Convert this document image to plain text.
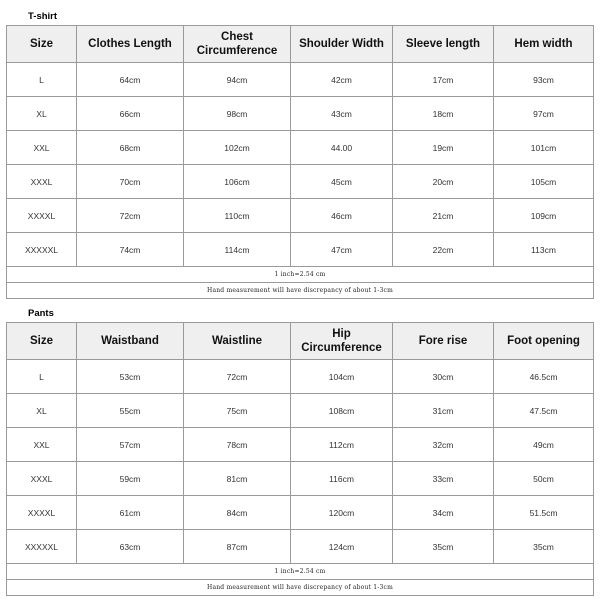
T-shirt
Size	Clothes Length	Chest Circumference	Shoulder Width	Sleeve length	Hem width
L	64cm	94cm	42cm	17cm	93cm
XL	66cm	98cm	43cm	18cm	97cm
XXL	68cm	102cm	44.00	19cm	101cm
XXXL	70cm	106cm	45cm	20cm	105cm
XXXXL	72cm	110cm	46cm	21cm	109cm
XXXXXL	74cm	114cm	47cm	22cm	113cm
1 inch=2.54 cm					
Hand measurement will have discrepancy of about 1-3cm					
Pants
Size	Waistband	Waistline	Hip Circumference	Fore rise	Foot opening
L	53cm	72cm	104cm	30cm	46.5cm
XL	55cm	75cm	108cm	31cm	47.5cm
XXL	57cm	78cm	112cm	32cm	49cm
XXXL	59cm	81cm	116cm	33cm	50cm
XXXXL	61cm	84cm	120cm	34cm	51.5cm
XXXXXL	63cm	87cm	124cm	35cm	35cm
1 inch=2.54 cm					
Hand measurement will have discrepancy of about 1-3cm					
